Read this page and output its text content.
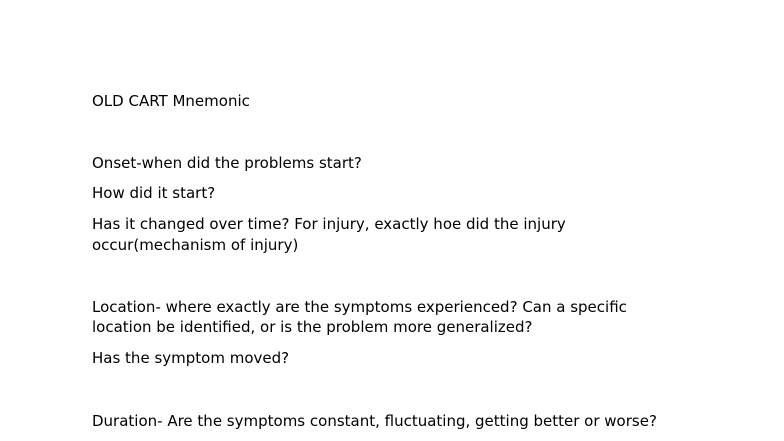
OLD CART Mnemonic

Onset-when did the problems start?

How did it start?

Has it changed over time? For injury, exactly hoe did the injury

occur(mechanism of injury)

Location- where exactly are the symptoms experienced? Can a specific

location be identified, or is the problem more generalized?

Has the symptom moved?

Duration- Are the symptoms constant, fluctuating, getting better or worse?
